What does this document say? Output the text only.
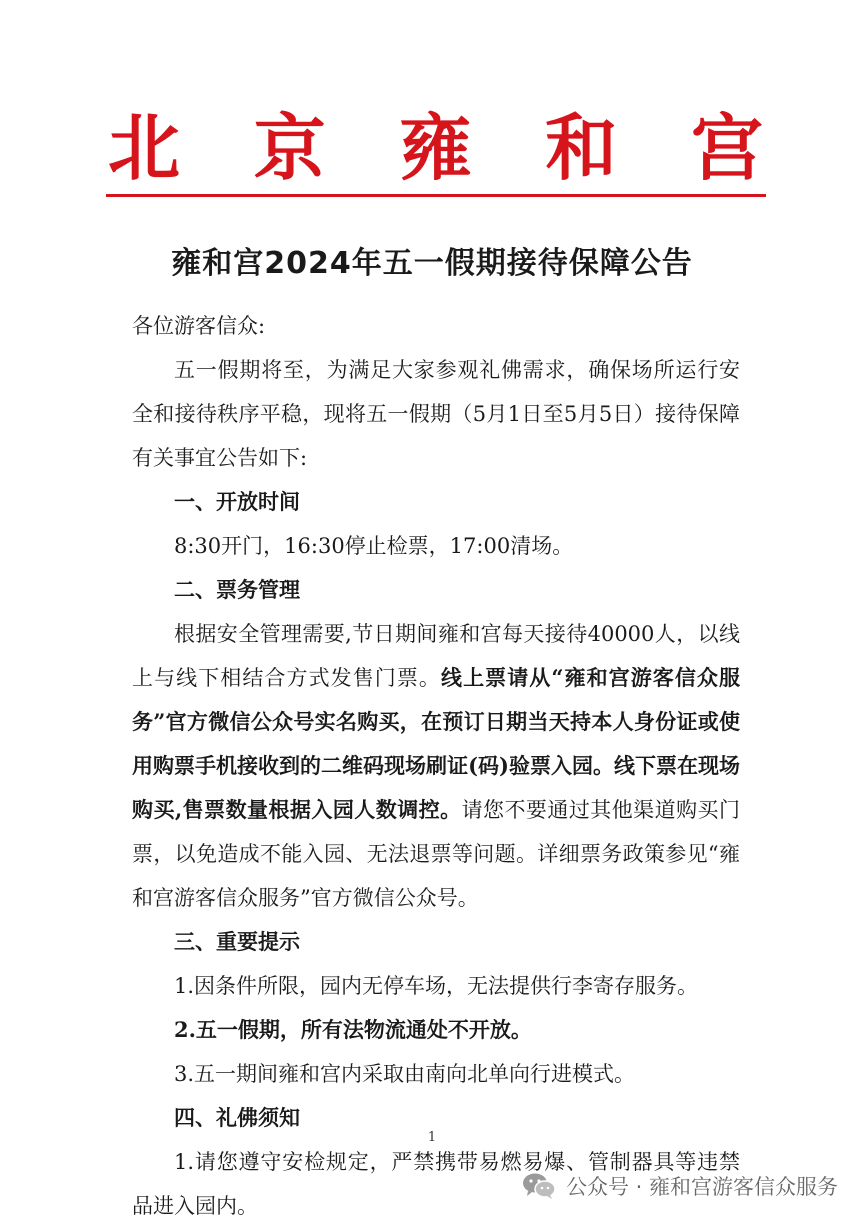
北 京 雍 和 宫
雍和宫2024年五一假期接待保障公告

各位游客信众:

五一假期将至，为满足大家参观礼佛需求，确保场所运行安全和接待秩序平稳，现将五一假期（5月1日至5月5日）接待保障有关事宜公告如下:

一、开放时间

8:30开门，16:30停止检票，17:00清场。

二、票务管理

根据安全管理需要,节日期间雍和宫每天接待40000人，以线上与线下相结合方式发售门票。线上票请从“雍和宫游客信众服务”官方微信公众号实名购买，在预订日期当天持本人身份证或使用购票手机接收到的二维码现场刷证(码)验票入园。线下票在现场购买,售票数量根据入园人数调控。请您不要通过其他渠道购买门票，以免造成不能入园、无法退票等问题。详细票务政策参见“雍和宫游客信众服务”官方微信公众号。

三、重要提示

1.因条件所限，园内无停车场，无法提供行李寄存服务。

2.五一假期，所有法物流通处不开放。

3.五一期间雍和宫内采取由南向北单向行进模式。

四、礼佛须知

1.请您遵守安检规定，严禁携带易燃易爆、管制器具等违禁品进入园内。

1
公众号 · 雍和宫游客信众服务
